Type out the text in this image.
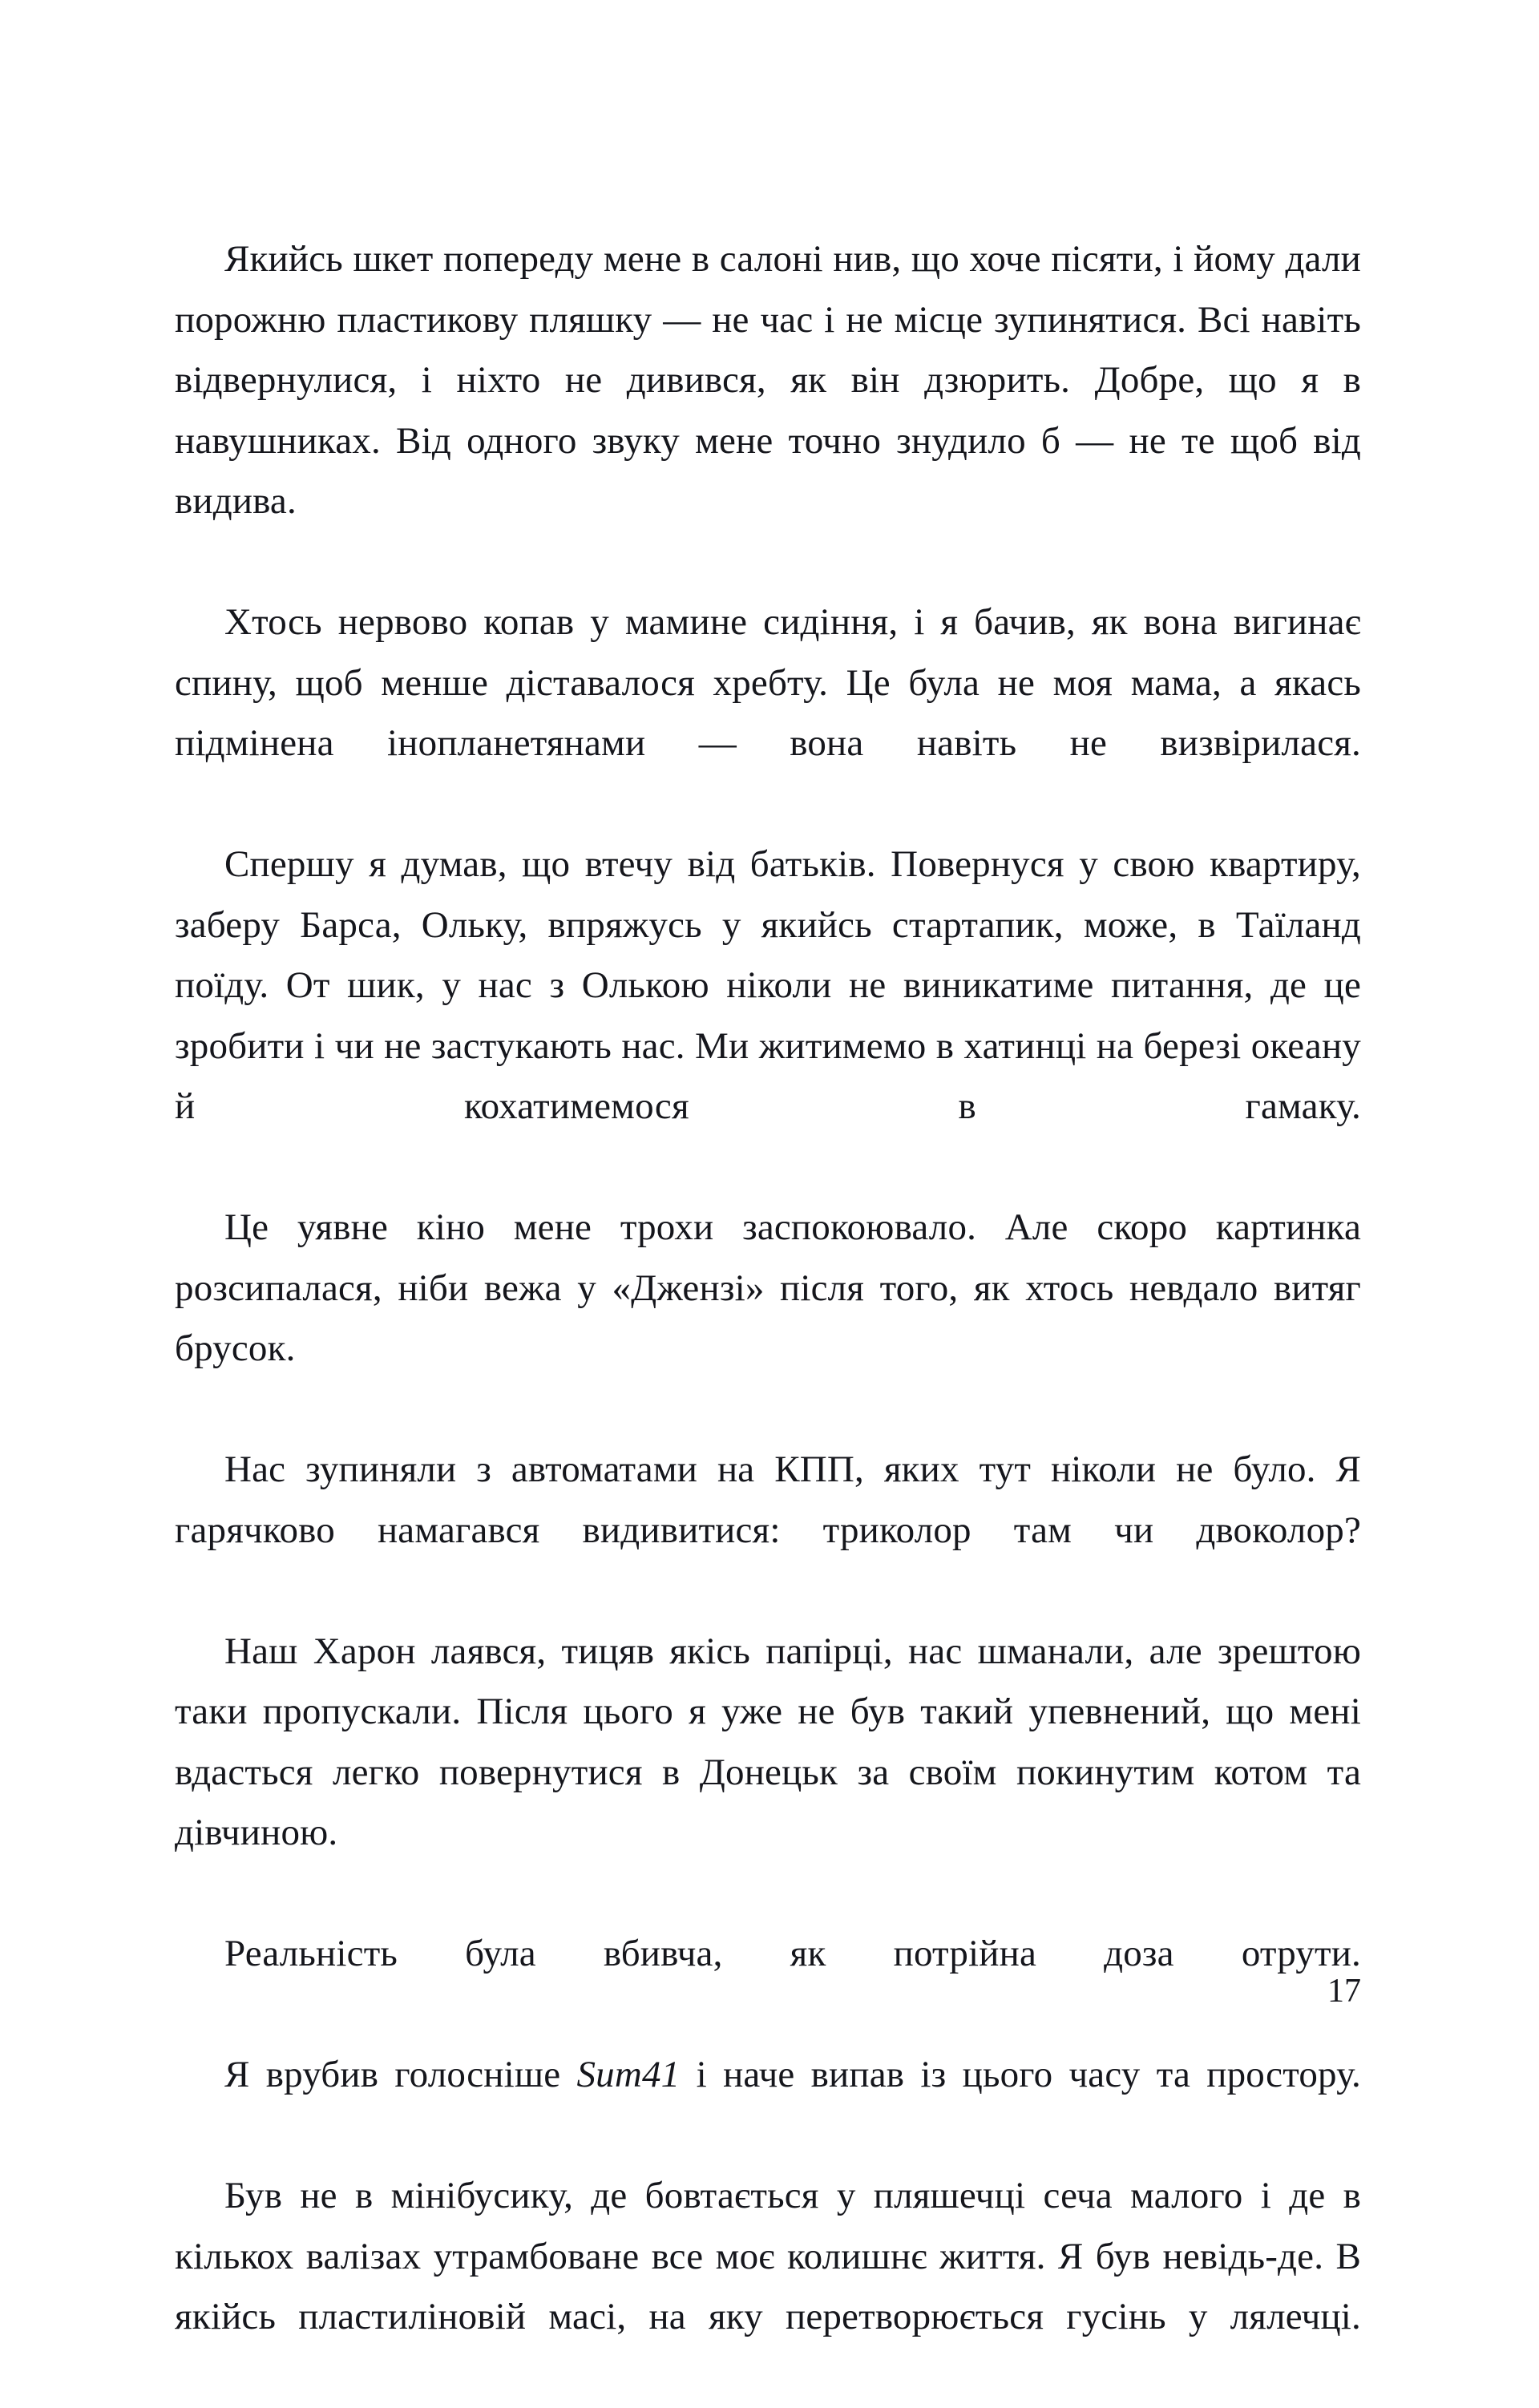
Якийсь шкет попереду мене в салоні нив, що хоче пісяти, і йому дали порожню пластикову пляшку — не час і не місце зупинятися. Всі навіть відвернулися, і ніхто не дивився, як він дзюрить. Добре, що я в навушниках. Від одного звуку мене точно знудило б — не те щоб від видива.

Хтось нервово копав у мамине сидіння, і я бачив, як вона вигинає спину, щоб менше діставалося хребту. Це була не моя мама, а якась підмінена інопланетянами — вона навіть не визвірилася.

Спершу я думав, що втечу від батьків. Повернуся у свою квартиру, заберу Барса, Ольку, впряжусь у якийсь стартапик, може, в Таїланд поїду. От шик, у нас з Олькою ніколи не виникатиме питання, де це зробити і чи не застукають нас. Ми житимемо в хатинці на березі океану й кохатимемося в гамаку.

Це уявне кіно мене трохи заспокоювало. Але скоро картинка розсипалася, ніби вежа у «Джензі» після того, як хтось невдало витяг брусок.

Нас зупиняли з автоматами на КПП, яких тут ніколи не було. Я гарячково намагався видивитися: триколор там чи двоколор?

Наш Харон лаявся, тицяв якісь папірці, нас шманали, але зрештою таки пропускали. Після цього я уже не був такий упевнений, що мені вдасться легко повернутися в Донецьк за своїм покинутим котом та дівчиною.

Реальність була вбивча, як потрійна доза отрути.

Я врубив голосніше Sum41 і наче випав із цього часу та простору.

Був не в мінібусику, де бовтається у пляшечці сеча малого і де в кількох валізах утрамбоване все моє колишнє життя. Я був невідь-де. В якійсь пластиліновій масі, на яку перетворюється гусінь у лялечці.

17
